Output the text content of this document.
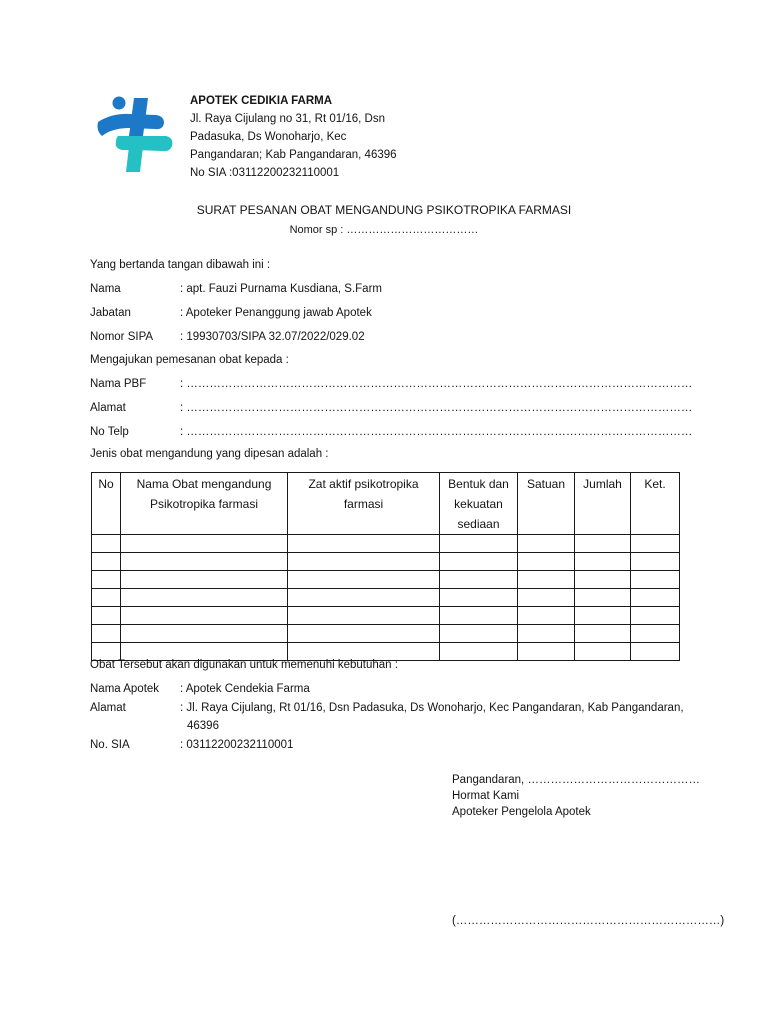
APOTEK CEDIKIA FARMA
Jl. Raya Cijulang no 31, Rt 01/16, Dsn
Padasuka, Ds Wonoharjo, Kec
Pangandaran; Kab Pangandaran, 46396
No SIA :03112200232110001
SURAT PESANAN OBAT MENGANDUNG PSIKOTROPIKA FARMASI
Nomor sp : ………………………………
Yang bertanda tangan dibawah ini :
Nama	: apt. Fauzi Purnama Kusdiana, S.Farm
Jabatan	: Apoteker Penanggung jawab Apotek
Nomor SIPA : 19930703/SIPA 32.07/2022/029.02
Mengajukan pemesanan obat kepada :
Nama PBF	: ……………………………………………………………………………………………………………………
Alamat	: ……………………………………………………………………………………………………………………
No Telp	: ……………………………………………………………………………………………………………………
Jenis obat mengandung yang dipesan adalah :
No	Nama Obat mengandung Psikotropika farmasi	Zat aktif psikotropika farmasi	Bentuk dan kekuatan sediaan	Satuan	Jumlah	Ket.

Obat Tersebut akan digunakan untuk memenuhi kebutuhan :
Nama Apotek : Apotek Cendekia Farma
Alamat	: Jl. Raya Cijulang, Rt 01/16, Dsn Padasuka, Ds Wonoharjo, Kec Pangandaran, Kab Pangandaran,
46396
No. SIA	: 03112200232110001
Pangandaran, ………………………………………
Hormat Kami
Apoteker Pengelola Apotek
(……………………………………………………………)
